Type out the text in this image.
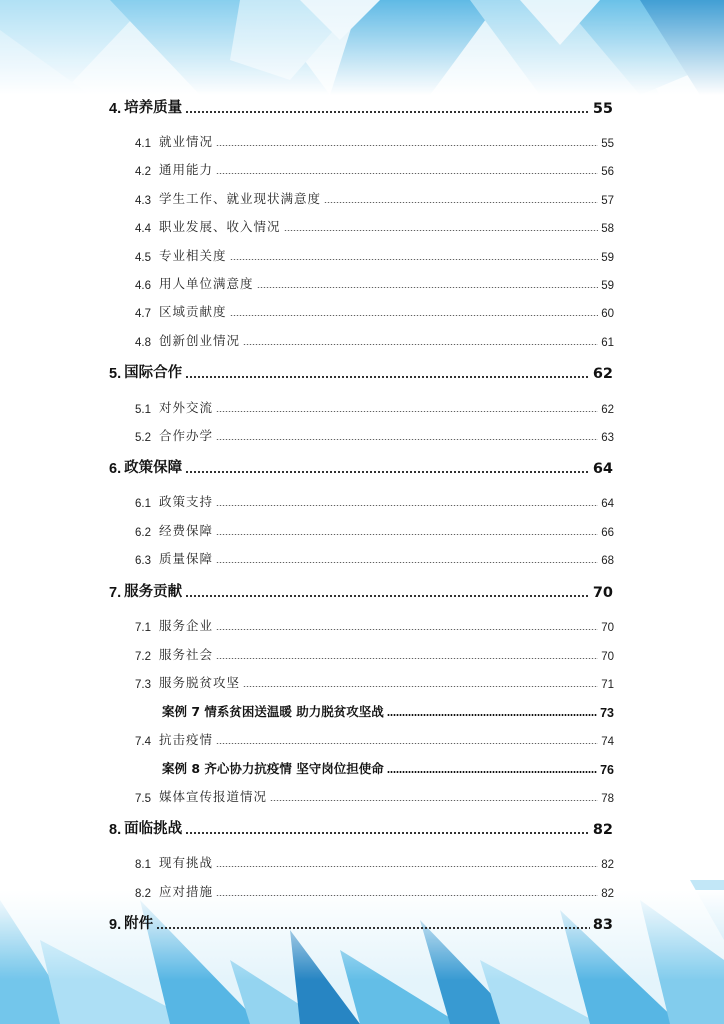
4. 培养质量	55
4.1 就业情况	55
4.2 通用能力	56
4.3 学生工作、就业现状满意度	57
4.4 职业发展、收入情况	58
4.5 专业相关度	59
4.6 用人单位满意度	59
4.7 区域贡献度	60
4.8 创新创业情况	61
5. 国际合作	62
5.1 对外交流	62
5.2 合作办学	63
6. 政策保障	64
6.1 政策支持	64
6.2 经费保障	66
6.3 质量保障	68
7. 服务贡献	70
7.1 服务企业	70
7.2 服务社会	70
7.3 服务脱贫攻坚	71
案例 7 情系贫困送温暖 助力脱贫攻坚战	73
7.4 抗击疫情	74
案例 8 齐心协力抗疫情 坚守岗位担使命	76
7.5 媒体宣传报道情况	78
8. 面临挑战	82
8.1 现有挑战	82
8.2 应对措施	82
9. 附件	83
